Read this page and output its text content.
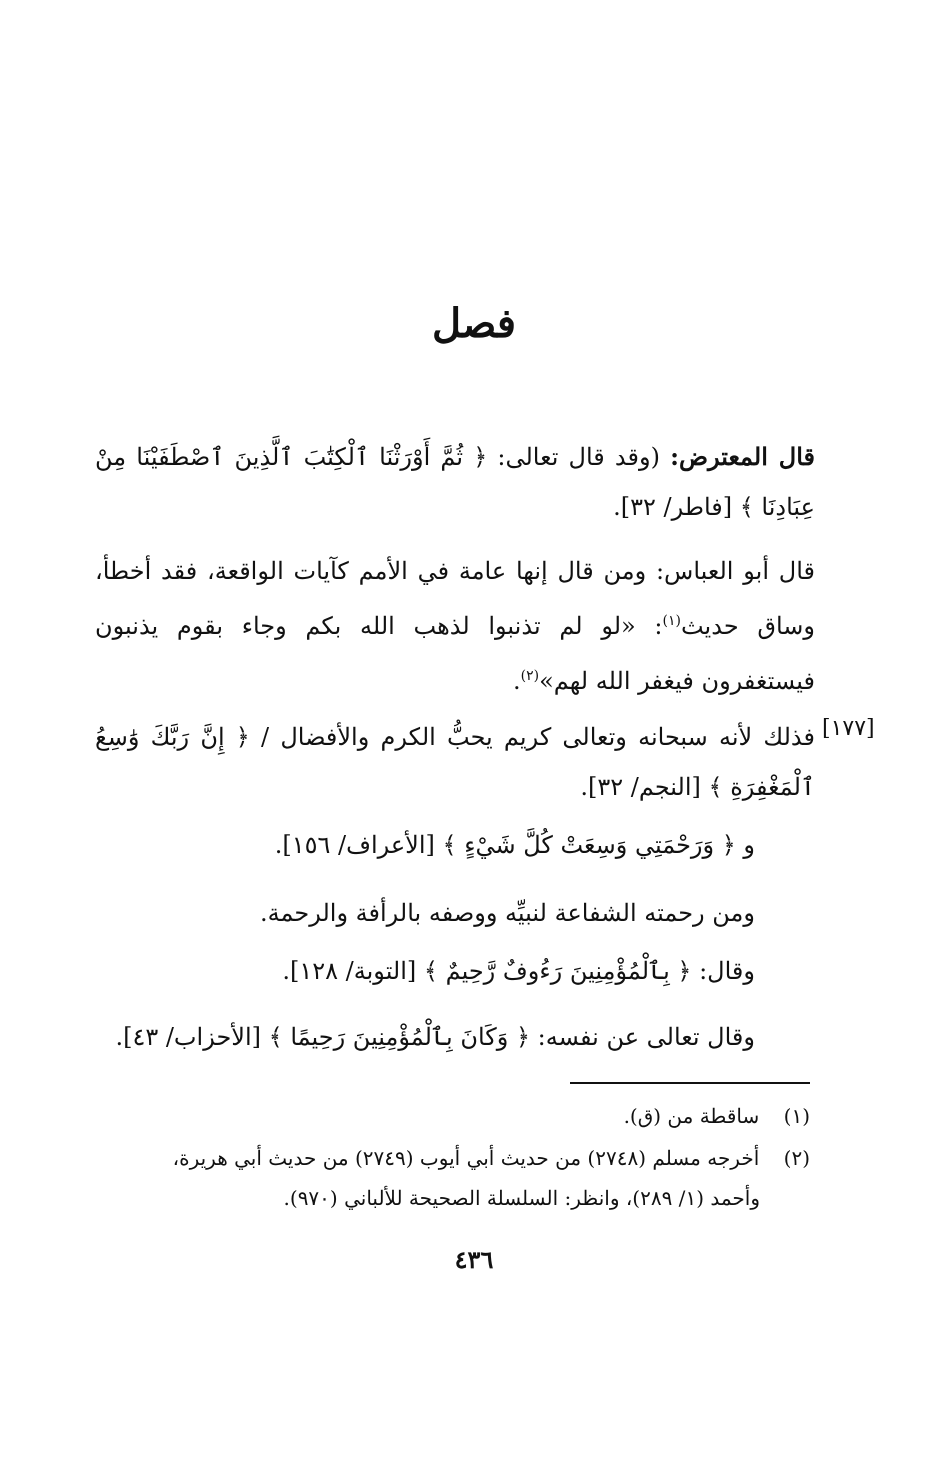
فصل
قال المعترض: (وقد قال تعالى: ﴿ ثُمَّ أَوْرَثْنَا ٱلْكِتَٰبَ ٱلَّذِينَ ٱصْطَفَيْنَا مِنْ عِبَادِنَا ﴾ [فاطر/ ٣٢].
قال أبو العباس: ومن قال إنها عامة في الأمم كآيات الواقعة، فقد أخطأ، وساق حديث$^{(١)}$: «لو لم تذنبوا لذهب الله بكم وجاء بقوم يذنبون فيستغفرون فيغفر الله لهم»$^{(٢)}$.
[١٧٧]
فذلك لأنه سبحانه وتعالى كريم يحبُّ الكرم والأفضال / ﴿ إِنَّ رَبَّكَ وَٰسِعُ ٱلْمَغْفِرَةِ ﴾ [النجم/ ٣٢].
و ﴿ وَرَحْمَتِي وَسِعَتْ كُلَّ شَيْءٍ ﴾ [الأعراف/ ١٥٦].
ومن رحمته الشفاعة لنبيِّه ووصفه بالرأفة والرحمة.
وقال: ﴿ بِٱلْمُؤْمِنِينَ رَءُوفٌ رَّحِيمٌ ﴾ [التوبة/ ١٢٨].
وقال تعالى عن نفسه: ﴿ وَكَانَ بِٱلْمُؤْمِنِينَ رَحِيمًا ﴾ [الأحزاب/ ٤٣].
(١) ساقطة من (ق).
(٢) أخرجه مسلم (٢٧٤٨) من حديث أبي أيوب (٢٧٤٩) من حديث أبي هريرة،
وأحمد (١/ ٢٨٩)، وانظر: السلسلة الصحيحة للألباني (٩٧٠).
٤٣٦
